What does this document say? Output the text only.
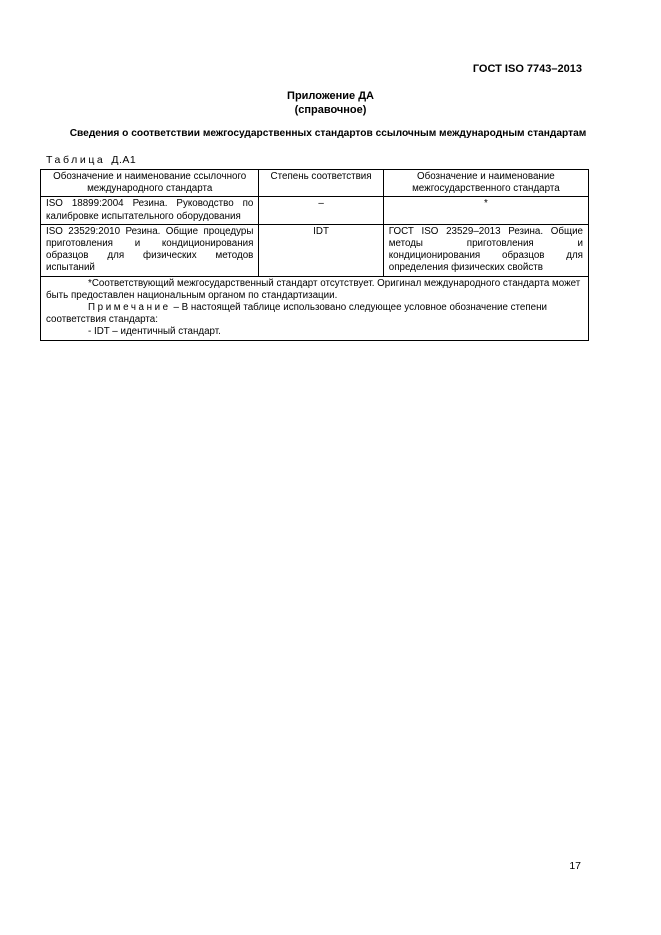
ГОСТ ISO 7743–2013
Приложение ДА
(справочное)
Сведения о соответствии межгосударственных стандартов ссылочным международным стандартам
Таблица Д.А1
Обозначение и наименование ссылочного международного стандарта	Степень соответствия	Обозначение и наименование межгосударственного стандарта
ISO 18899:2004 Резина. Руководство по калибровке испытательного оборудования	–	*
ISO 23529:2010 Резина. Общие процедуры приготовления и кондиционирования образцов для физических методов испытаний	IDT	ГОСТ ISO 23529–2013 Резина. Общие методы приготовления и кондиционирования образцов для определения физических свойств

*Соответствующий межгосударственный стандарт отсутствует. Оригинал международного стандарта может быть предоставлен национальным органом по стандартизации.
Примечание – В настоящей таблице использовано следующее условное обозначение степени соответствия стандарта:
- IDT – идентичный стандарт.		
17
